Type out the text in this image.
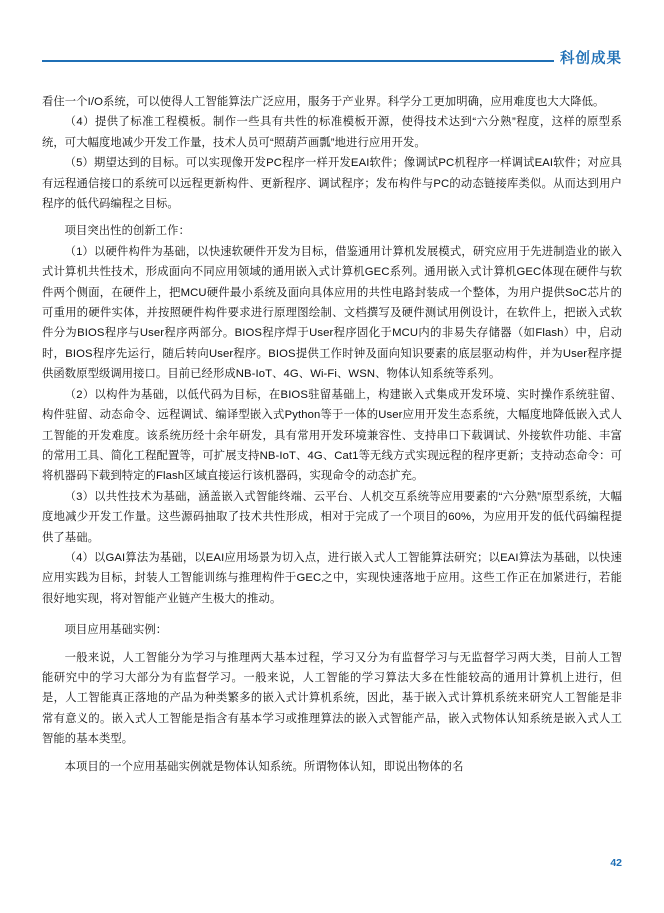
科创成果

看住一个I/O系统，可以使得人工智能算法广泛应用，服务于产业界。科学分工更加明确，应用难度也大大降低。

（4）提供了标准工程模板。制作一些具有共性的标准模板开源，使得技术达到“六分熟”程度，这样的原型系统，可大幅度地减少开发工作量，技术人员可“照葫芦画瓢”地进行应用开发。

（5）期望达到的目标。可以实现像开发PC程序一样开发EAI软件；像调试PC机程序一样调试EAI软件；对应具有远程通信接口的系统可以远程更新构件、更新程序、调试程序；发布构件与PC的动态链接库类似。从而达到用户程序的低代码编程之目标。

项目突出性的创新工作：

（1）以硬件构件为基础，以快速软硬件开发为目标，借鉴通用计算机发展模式，研究应用于先进制造业的嵌入式计算机共性技术，形成面向不同应用领域的通用嵌入式计算机GEC系列。通用嵌入式计算机GEC体现在硬件与软件两个侧面，在硬件上，把MCU硬件最小系统及面向具体应用的共性电路封装成一个整体，为用户提供SoC芯片的可重用的硬件实体，并按照硬件构件要求进行原理图绘制、文档撰写及硬件测试用例设计，在软件上，把嵌入式软件分为BIOS程序与User程序两部分。BIOS程序焊于User程序固化于MCU内的非易失存储器（如Flash）中，启动时，BIOS程序先运行，随后转向User程序。BIOS提供工作时钟及面向知识要素的底层驱动构件，并为User程序提供函数原型级调用接口。目前已经形成NB-IoT、4G、Wi-Fi、WSN、物体认知系统等系列。

（2）以构件为基础，以低代码为目标，在BIOS驻留基础上，构建嵌入式集成开发环境、实时操作系统驻留、构件驻留、动态命令、远程调试、编译型嵌入式Python等于一体的User应用开发生态系统，大幅度地降低嵌入式人工智能的开发难度。该系统历经十余年研发，具有常用开发环境兼容性、支持串口下载调试、外接软件功能、丰富的常用工具、简化工程配置等，可扩展支持NB-IoT、4G、Cat1等无线方式实现远程的程序更新；支持动态命令：可将机器码下载到特定的Flash区域直接运行该机器码，实现命令的动态扩充。

（3）以共性技术为基础，涵盖嵌入式智能终端、云平台、人机交互系统等应用要素的“六分熟”原型系统，大幅度地减少开发工作量。这些源码抽取了技术共性形成，相对于完成了一个项目的60%，为应用开发的低代码编程提供了基础。

（4）以GAI算法为基础，以EAI应用场景为切入点，进行嵌入式人工智能算法研究；以EAI算法为基础，以快速应用实践为目标，封装人工智能训练与推理构件于GEC之中，实现快速落地于应用。这些工作正在加紧进行，若能很好地实现，将对智能产业链产生极大的推动。

项目应用基础实例：

一般来说，人工智能分为学习与推理两大基本过程，学习又分为有监督学习与无监督学习两大类，目前人工智能研究中的学习大部分为有监督学习。一般来说，人工智能的学习算法大多在性能较高的通用计算机上进行，但是，人工智能真正落地的产品为种类繁多的嵌入式计算机系统，因此，基于嵌入式计算机系统来研究人工智能是非常有意义的。嵌入式人工智能是指含有基本学习或推理算法的嵌入式智能产品，嵌入式物体认知系统是嵌入式人工智能的基本类型。

本项目的一个应用基础实例就是物体认知系统。所谓物体认知，即说出物体的名

42
